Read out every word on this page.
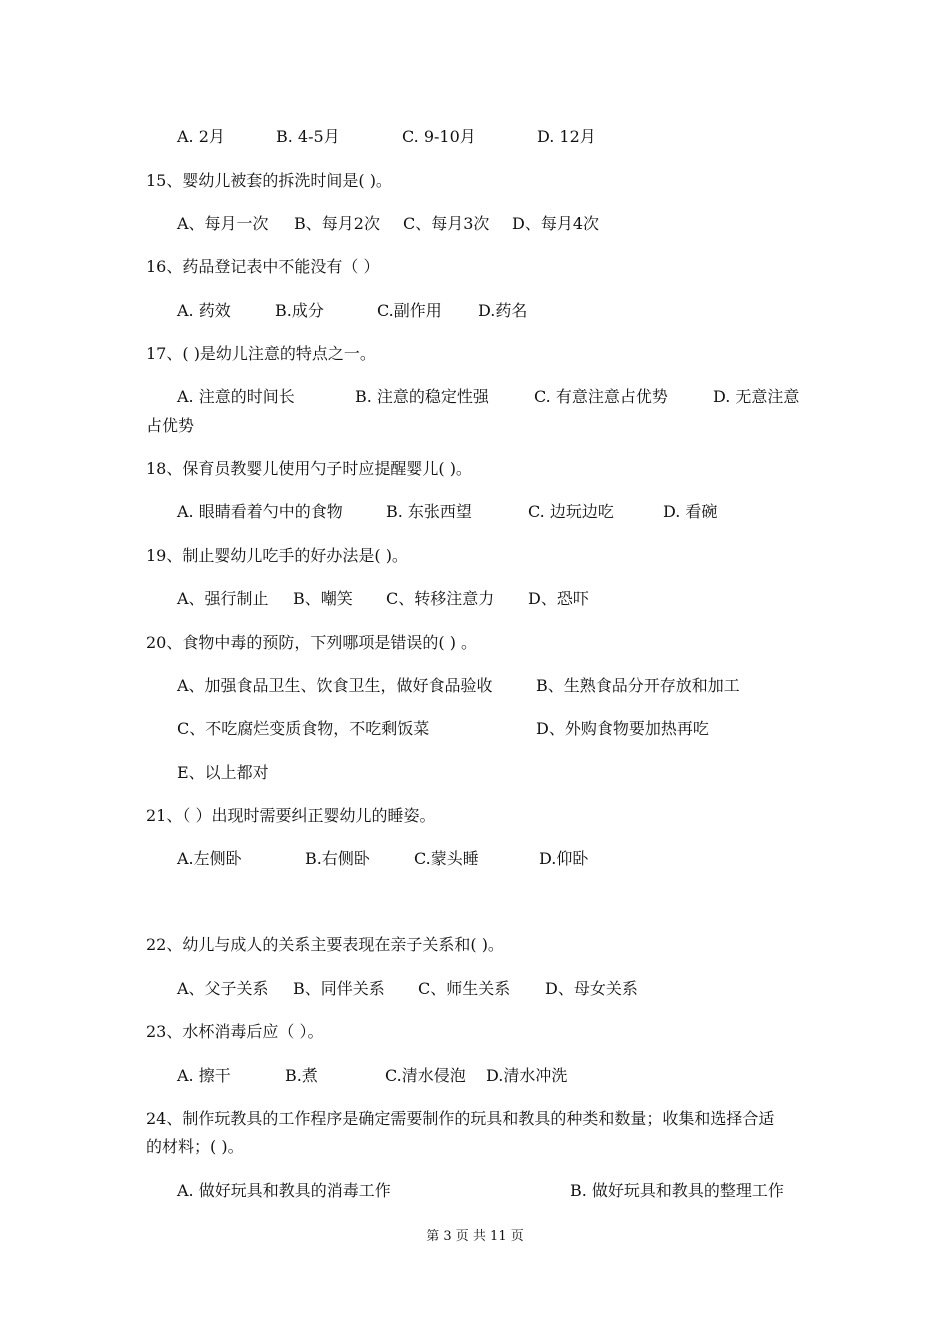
A. 2月	B. 4-5月	C. 9-10月	D. 12月
15、婴幼儿被套的拆洗时间是( )。
A、每月一次 B、每月2次 C、每月3次 D、每月4次
16、药品登记表中不能没有（ ）
A. 药效	B.成分	C.副作用 D.药名
17、( )是幼儿注意的特点之一。
A. 注意的时间长	B. 注意的稳定性强	C. 有意注意占优势	D. 无意注意
占优势
18、保育员教婴儿使用勺子时应提醒婴儿( )。
A. 眼睛看着勺中的食物	B. 东张西望	C. 边玩边吃	D. 看碗
19、制止婴幼儿吃手的好办法是( )。
A、强行制止 B、嘲笑 C、转移注意力 D、恐吓
20、食物中毒的预防，下列哪项是错误的( ) 。
A、加强食品卫生、饮食卫生，做好食品验收	B、生熟食品分开存放和加工
C、不吃腐烂变质食物，不吃剩饭菜	D、外购食物要加热再吃
E、以上都对
21、（ ）出现时需要纠正婴幼儿的睡姿。
A.左侧卧	B.右侧卧	C.蒙头睡	D.仰卧
22、幼儿与成人的关系主要表现在亲子关系和( )。
A、父子关系 B、同伴关系 C、师生关系 D、母女关系
23、水杯消毒后应（ ）。
A. 擦干	B.煮	C.清水侵泡 D.清水冲洗
24、制作玩教具的工作程序是确定需要制作的玩具和教具的种类和数量；收集和选择合适
的材料；( )。
A. 做好玩具和教具的消毒工作	B. 做好玩具和教具的整理工作
第 3 页 共 11 页
